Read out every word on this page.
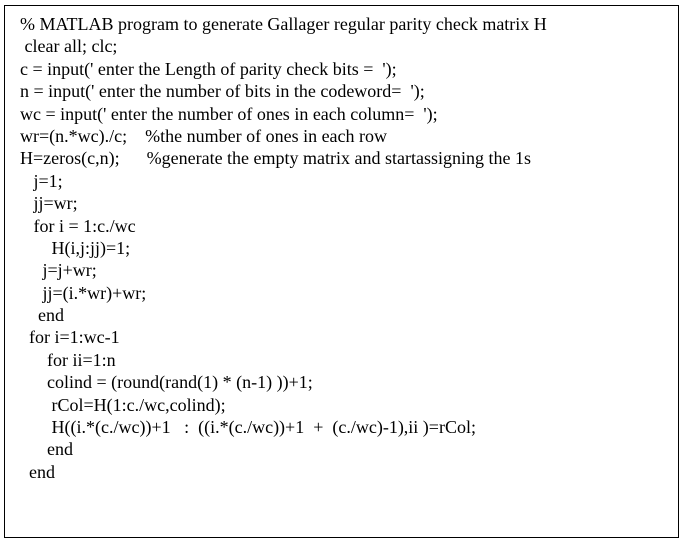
% MATLAB program to generate Gallager regular parity check matrix H
clear all; clc;
c = input(' enter the Length of parity check bits =  ');
n = input(' enter the number of bits in the codeword=  ');
wc = input(' enter the number of ones in each column=  ');
wr=(n.*wc)./c;    %the number of ones in each row
H=zeros(c,n);      %generate the empty matrix and startassigning the 1s
j=1;
jj=wr;
for i = 1:c./wc
H(i,j:jj)=1;
j=j+wr;
jj=(i.*wr)+wr;
end
for i=1:wc-1
for ii=1:n
colind = (round(rand(1) * (n-1) ))+1;
rCol=H(1:c./wc,colind);
H((i.*(c./wc))+1   :  ((i.*(c./wc))+1  +  (c./wc)-1),ii )=rCol;
end
end
